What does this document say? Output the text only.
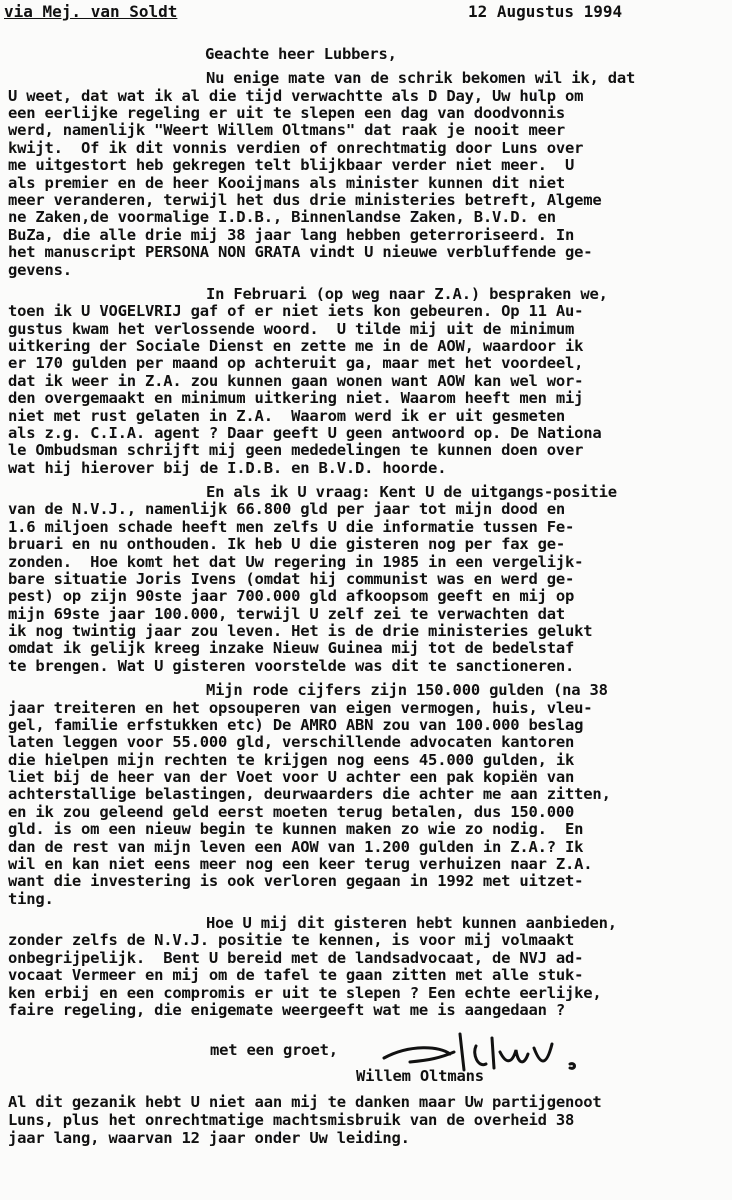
via Mej. van Soldt	12 Augustus 1994
Geachte heer Lubbers,
Nu enige mate van de schrik bekomen wil ik, dat
U weet, dat wat ik al die tijd verwachtte als D Day, Uw hulp om
een eerlijke regeling er uit te slepen een dag van doodvonnis
werd, namenlijk "Weert Willem Oltmans" dat raak je nooit meer
kwijt.  Of ik dit vonnis verdien of onrechtmatig door Luns over
me uitgestort heb gekregen telt blijkbaar verder niet meer.  U
als premier en de heer Kooijmans als minister kunnen dit niet
meer veranderen, terwijl het dus drie ministeries betreft, Algeme
ne Zaken,de voormalige I.D.B., Binnenlandse Zaken, B.V.D. en
BuZa, die alle drie mij 38 jaar lang hebben geterroriseerd. In
het manuscript PERSONA NON GRATA vindt U nieuwe verbluffende ge-
gevens.
In Februari (op weg naar Z.A.) bespraken we,
toen ik U VOGELVRIJ gaf of er niet iets kon gebeuren. Op 11 Au-
gustus kwam het verlossende woord.  U tilde mij uit de minimum
uitkering der Sociale Dienst en zette me in de AOW, waardoor ik
er 170 gulden per maand op achteruit ga, maar met het voordeel,
dat ik weer in Z.A. zou kunnen gaan wonen want AOW kan wel wor-
den overgemaakt en minimum uitkering niet. Waarom heeft men mij
niet met rust gelaten in Z.A.  Waarom werd ik er uit gesmeten
als z.g. C.I.A. agent ? Daar geeft U geen antwoord op. De Nationa
le Ombudsman schrijft mij geen mededelingen te kunnen doen over
wat hij hierover bij de I.D.B. en B.V.D. hoorde.
En als ik U vraag: Kent U de uitgangs-positie
van de N.V.J., namenlijk 66.800 gld per jaar tot mijn dood en
1.6 miljoen schade heeft men zelfs U die informatie tussen Fe-
bruari en nu onthouden. Ik heb U die gisteren nog per fax ge-
zonden.  Hoe komt het dat Uw regering in 1985 in een vergelijk-
bare situatie Joris Ivens (omdat hij communist was en werd ge-
pest) op zijn 90ste jaar 700.000 gld afkoopsom geeft en mij op
mijn 69ste jaar 100.000, terwijl U zelf zei te verwachten dat
ik nog twintig jaar zou leven. Het is de drie ministeries gelukt
omdat ik gelijk kreeg inzake Nieuw Guinea mij tot de bedelstaf
te brengen. Wat U gisteren voorstelde was dit te sanctioneren.
Mijn rode cijfers zijn 150.000 gulden (na 38
jaar treiteren en het opsouperen van eigen vermogen, huis, vleu-
gel, familie erfstukken etc) De AMRO ABN zou van 100.000 beslag
laten leggen voor 55.000 gld, verschillende advocaten kantoren
die hielpen mijn rechten te krijgen nog eens 45.000 gulden, ik
liet bij de heer van der Voet voor U achter een pak kopiën van
achterstallige belastingen, deurwaarders die achter me aan zitten,
en ik zou geleend geld eerst moeten terug betalen, dus 150.000
gld. is om een nieuw begin te kunnen maken zo wie zo nodig.  En
dan de rest van mijn leven een AOW van 1.200 gulden in Z.A.? Ik
wil en kan niet eens meer nog een keer terug verhuizen naar Z.A.
want die investering is ook verloren gegaan in 1992 met uitzet-
ting.
Hoe U mij dit gisteren hebt kunnen aanbieden,
zonder zelfs de N.V.J. positie te kennen, is voor mij volmaakt
onbegrijpelijk.  Bent U bereid met de landsadvocaat, de NVJ ad-
vocaat Vermeer en mij om de tafel te gaan zitten met alle stuk-
ken erbij en een compromis er uit te slepen ? Een echte eerlijke,
faire regeling, die enigemate weergeeft wat me is aangedaan ?
met een groet,
Willem Oltmans
Al dit gezanik hebt U niet aan mij te danken maar Uw partijgenoot
Luns, plus het onrechtmatige machtsmisbruik van de overheid 38
jaar lang, waarvan 12 jaar onder Uw leiding.
